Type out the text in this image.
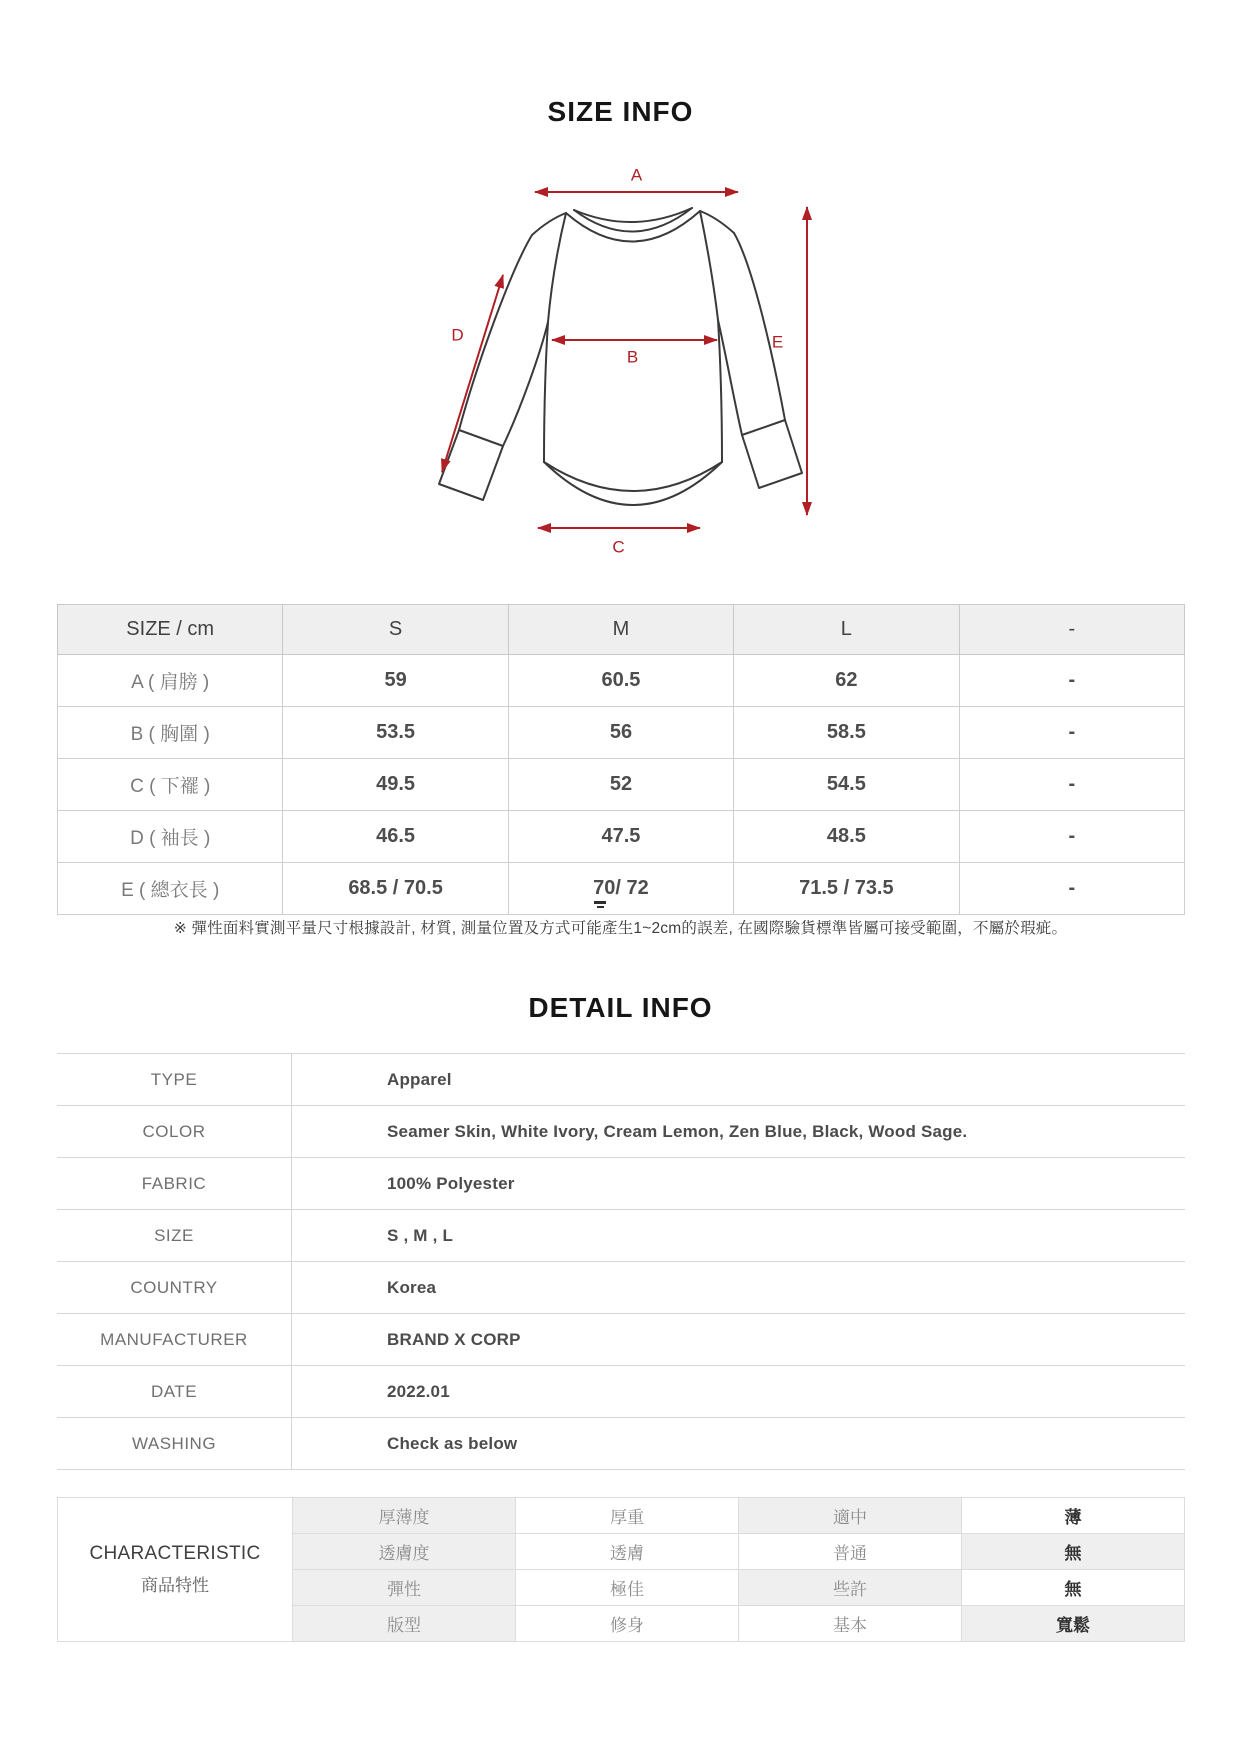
SIZE INFO
A
B
C
D	E
SIZE / cm	S	M	L	-
A ( 肩膀 )	59	60.5	62	-
B ( 胸圍 )	53.5	56	58.5	-
C ( 下襬 )	49.5	52	54.5	-
D ( 袖長 )	46.5	47.5	48.5	-
E ( 總衣長 )	68.5 / 70.5	70/ 72	71.5 / 73.5	-

※ 彈性面料實測平量尺寸根據設計, 材質, 測量位置及方式可能產生1~2cm的誤差, 在國際驗貨標準皆屬可接受範圍，不屬於瑕疵。

DETAIL INFO
TYPE	Apparel
COLOR	Seamer Skin, White Ivory, Cream Lemon, Zen Blue, Black, Wood Sage.
FABRIC	100% Polyester
SIZE	S , M , L
COUNTRY	Korea
MANUFACTURER	BRAND X CORP
DATE	2022.01
WASHING	Check as below
CHARACTERISTIC
商品特性	厚薄度	厚重	適中	薄
	透膚度	透膚	普通	無
	彈性	極佳	些許	無
	版型	修身	基本	寬鬆
